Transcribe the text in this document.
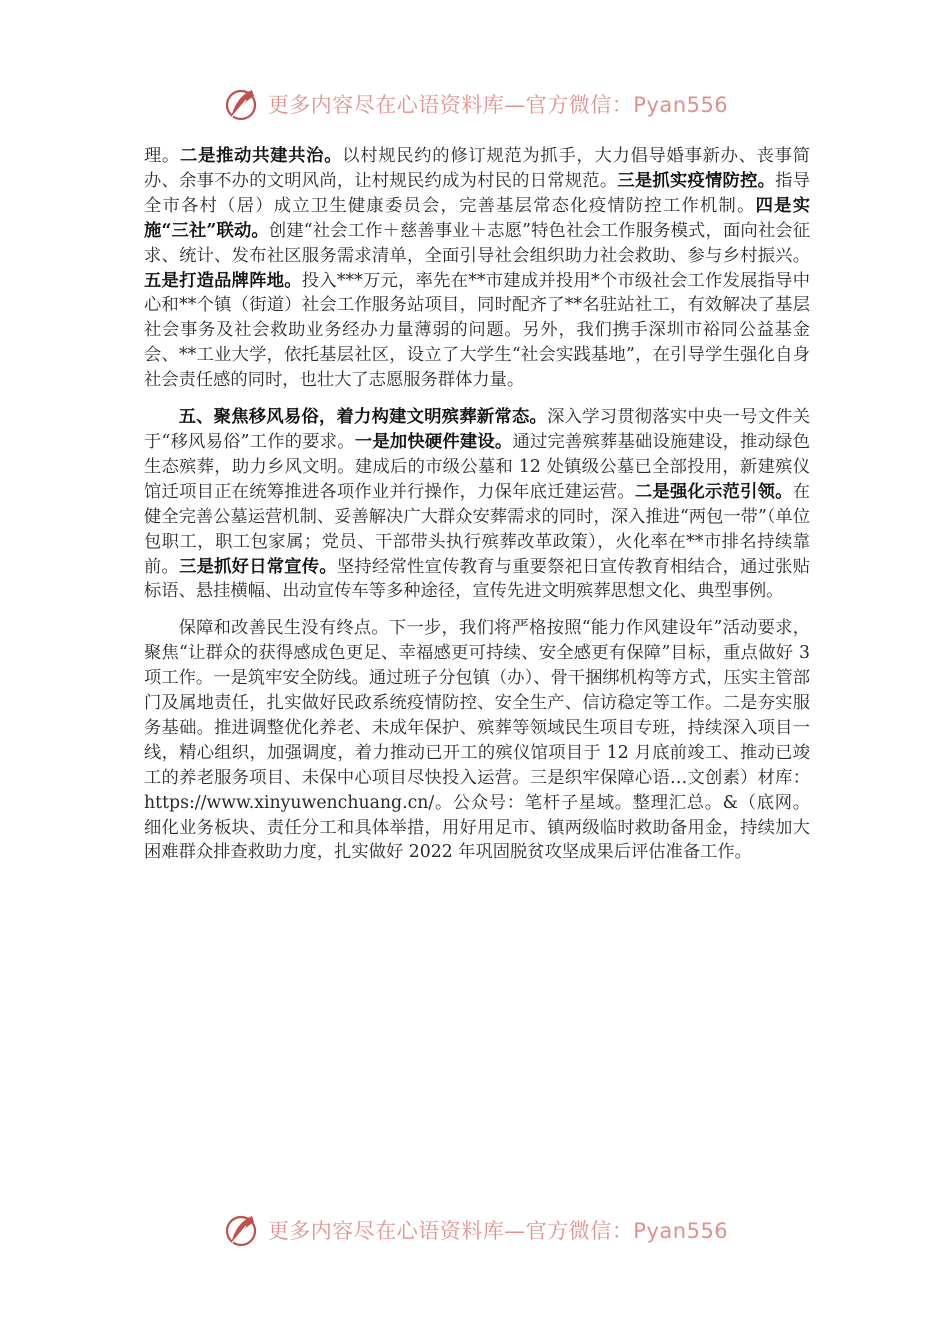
更多内容尽在心语资料库—官方微信：Pyan556

理。二是推动共建共治。以村规民约的修订规范为抓手，大力倡导婚事新办、丧事简办、余事不办的文明风尚，让村规民约成为村民的日常规范。三是抓实疫情防控。指导全市各村（居）成立卫生健康委员会，完善基层常态化疫情防控工作机制。四是实施“三社”联动。创建“社会工作＋慈善事业＋志愿”特色社会工作服务模式，面向社会征求、统计、发布社区服务需求清单，全面引导社会组织助力社会救助、参与乡村振兴。五是打造品牌阵地。投入***万元，率先在**市建成并投用*个市级社会工作发展指导中心和**个镇（街道）社会工作服务站项目，同时配齐了**名驻站社工，有效解决了基层社会事务及社会救助业务经办力量薄弱的问题。另外，我们携手深圳市裕同公益基金会、**工业大学，依托基层社区，设立了大学生“社会实践基地”，在引导学生强化自身社会责任感的同时，也壮大了志愿服务群体力量。

五、聚焦移风易俗，着力构建文明殡葬新常态。深入学习贯彻落实中央一号文件关于“移风易俗”工作的要求。一是加快硬件建设。通过完善殡葬基础设施建设，推动绿色生态殡葬，助力乡风文明。建成后的市级公墓和 12 处镇级公墓已全部投用，新建殡仪馆迁项目正在统筹推进各项作业并行操作，力保年底迁建运营。二是强化示范引领。在健全完善公墓运营机制、妥善解决广大群众安葬需求的同时，深入推进“两包一带”（单位包职工，职工包家属；党员、干部带头执行殡葬改革政策），火化率在**市排名持续靠前。三是抓好日常宣传。坚持经常性宣传教育与重要祭祀日宣传教育相结合，通过张贴标语、悬挂横幅、出动宣传车等多种途径，宣传先进文明殡葬思想文化、典型事例。

保障和改善民生没有终点。下一步，我们将严格按照“能力作风建设年”活动要求，聚焦“让群众的获得感成色更足、幸福感更可持续、安全感更有保障”目标，重点做好 3 项工作。一是筑牢安全防线。通过班子分包镇（办）、骨干捆绑机构等方式，压实主管部门及属地责任，扎实做好民政系统疫情防控、安全生产、信访稳定等工作。二是夯实服务基础。推进调整优化养老、未成年保护、殡葬等领域民生项目专班，持续深入项目一线，精心组织，加强调度，着力推动已开工的殡仪馆项目于 12 月底前竣工、推动已竣工的养老服务项目、未保中心项目尽快投入运营。三是织牢保障心语…文创素）材库：https://www.xinyuwenchuang.cn/。公众号：笔杆子星域。整理汇总。&（底网。细化业务板块、责任分工和具体举措，用好用足市、镇两级临时救助备用金，持续加大困难群众排查救助力度，扎实做好 2022 年巩固脱贫攻坚成果后评估准备工作。

更多内容尽在心语资料库—官方微信：Pyan556
